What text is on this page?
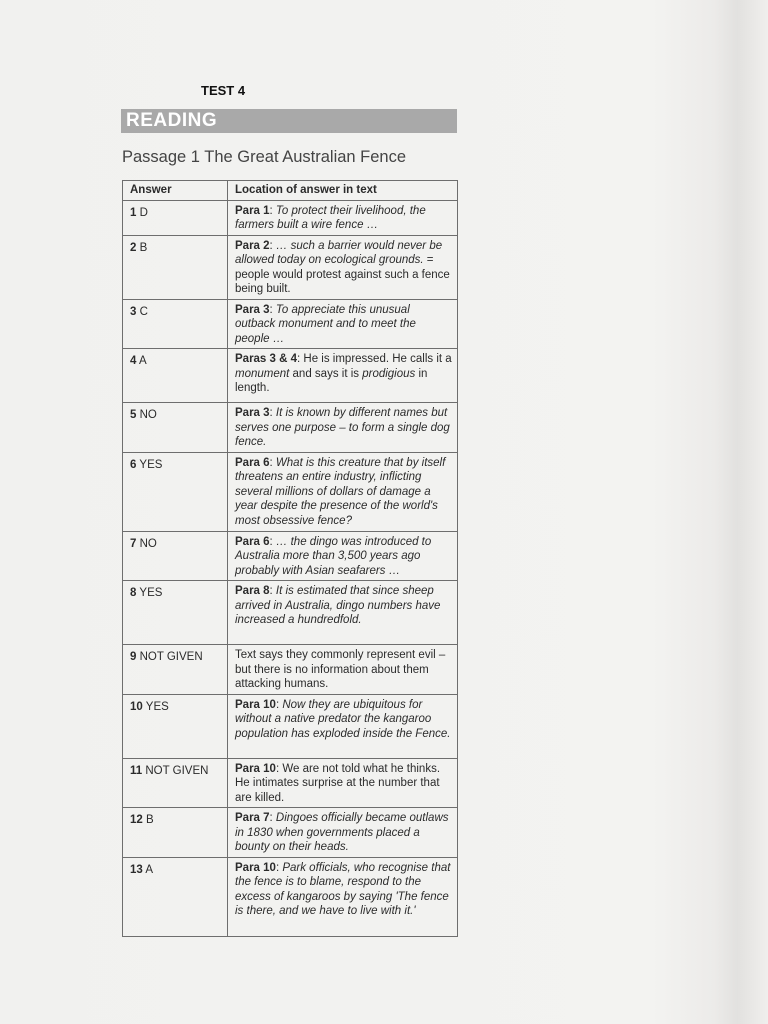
TEST 4
READING
Passage 1 The Great Australian Fence
Answer	Location of answer in text
1 D	Para 1: To protect their livelihood, the farmers built a wire fence …
2 B	Para 2: … such a barrier would never be allowed today on ecological grounds. = people would protest against such a fence being built.
3 C	Para 3: To appreciate this unusual outback monument and to meet the people …
4 A	Paras 3 & 4: He is impressed. He calls it a monument and says it is prodigious in length.
5 NO	Para 3: It is known by different names but serves one purpose – to form a single dog fence.
6 YES	Para 6: What is this creature that by itself threatens an entire industry, inflicting several millions of dollars of damage a year despite the presence of the world's most obsessive fence?
7 NO	Para 6: … the dingo was introduced to Australia more than 3,500 years ago probably with Asian seafarers …
8 YES	Para 8: It is estimated that since sheep arrived in Australia, dingo numbers have increased a hundredfold.
9 NOT GIVEN	Text says they commonly represent evil – but there is no information about them attacking humans.
10 YES	Para 10: Now they are ubiquitous for without a native predator the kangaroo population has exploded inside the Fence.
11 NOT GIVEN	Para 10: We are not told what he thinks. He intimates surprise at the number that are killed.
12 B	Para 7: Dingoes officially became outlaws in 1830 when governments placed a bounty on their heads.
13 A	Para 10: Park officials, who recognise that the fence is to blame, respond to the excess of kangaroos by saying 'The fence is there, and we have to live with it.'
